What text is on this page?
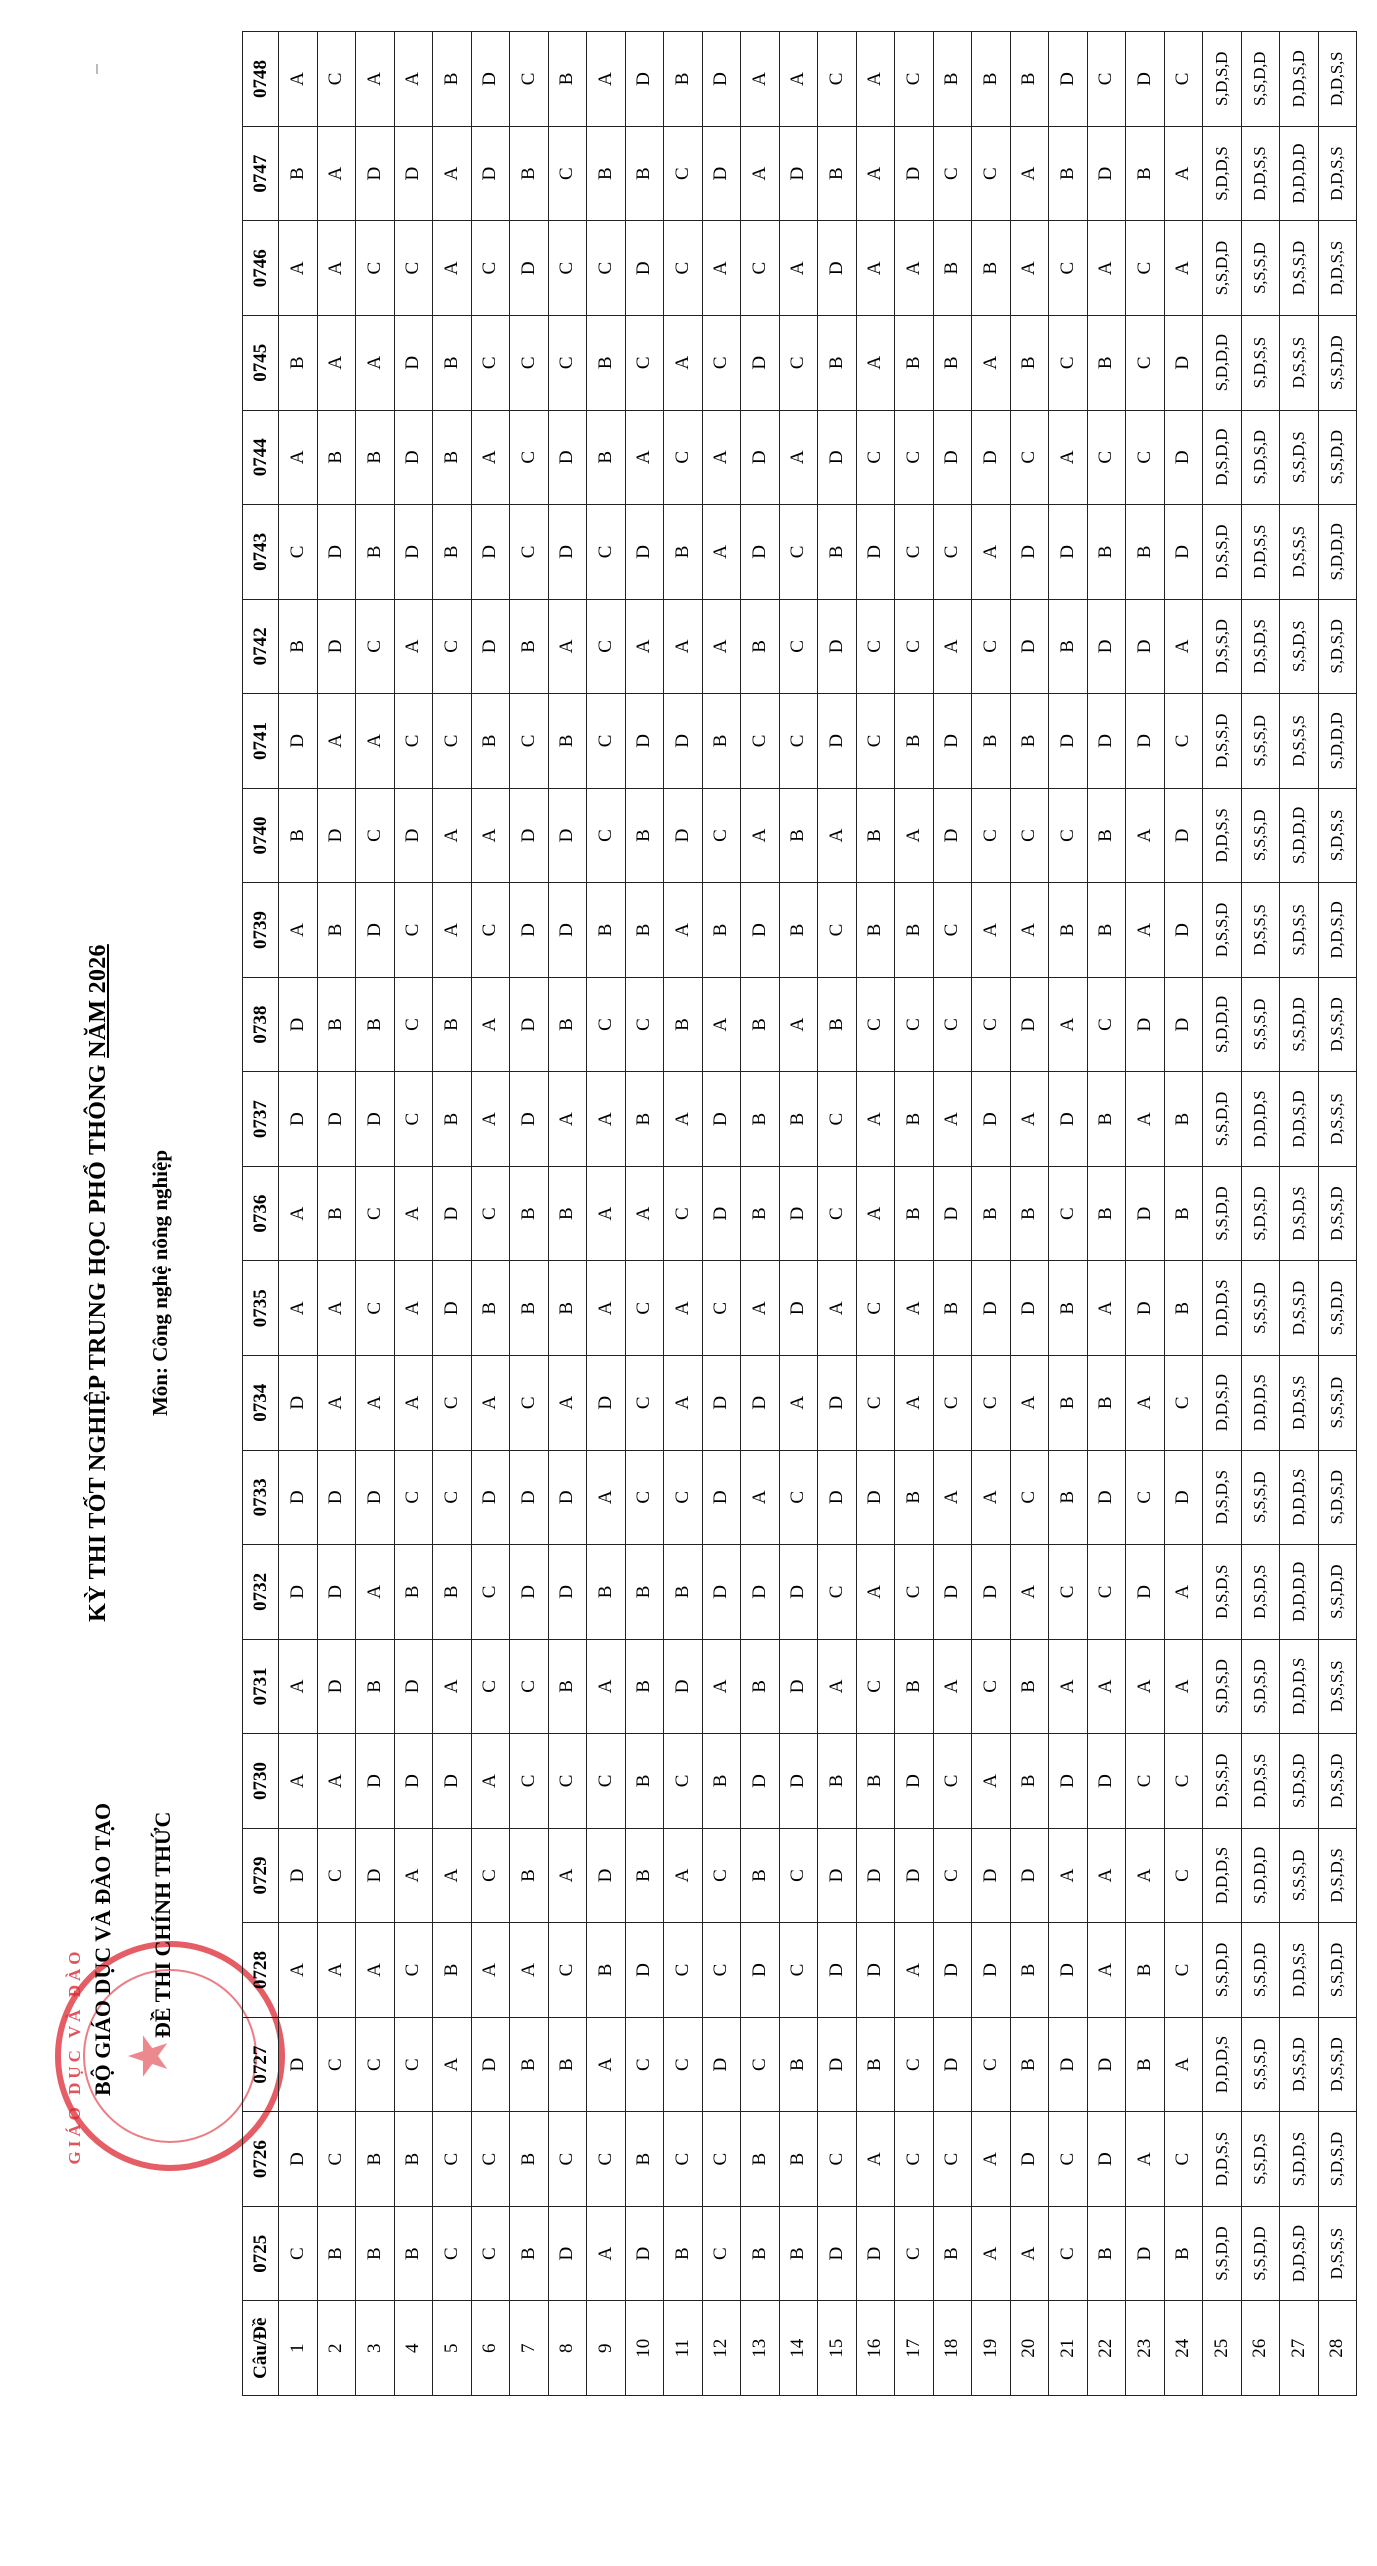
GIÁO DỤC VÀ ĐÀO ★
BỘ GIÁO DỤC VÀ ĐÀO TẠO ĐỀ THI CHÍNH THỨC
KỲ THI TỐT NGHIỆP TRUNG HỌC PHỔ THÔNG NĂM 2026
Môn: Công nghệ nông nghiệp
Câu/Đề	0725	0726	0727	0728	0729	0730	0731	0732	0733	0734	0735	0736	0737	0738	0739	0740	0741	0742	0743	0744	0745	0746	0747	0748
1	C	D	D	A	D	A	A	D	D	D	A	A	D	D	A	B	D	B	C	A	B	A	B	A
2	B	C	C	A	C	A	D	D	D	A	A	B	D	B	B	D	A	D	D	B	A	A	A	C
3	B	B	C	A	D	D	B	A	D	A	C	C	D	B	D	C	A	C	B	B	A	C	D	A
4	B	B	C	C	A	D	D	B	C	A	A	A	C	C	C	D	C	A	D	D	D	C	D	A
5	C	C	A	B	A	D	A	B	C	C	D	D	B	B	A	A	C	C	B	B	B	A	A	B
6	C	C	D	A	C	A	C	C	D	A	B	C	A	A	C	A	B	D	D	A	C	C	D	D
7	B	B	B	A	B	C	C	D	D	C	B	B	D	D	D	D	C	B	C	C	C	D	B	C
8	D	C	B	C	A	C	B	D	D	A	B	B	A	B	D	D	B	A	D	D	C	C	C	B
9	A	C	A	B	D	C	A	B	A	D	A	A	A	C	B	C	C	C	C	B	B	C	B	A
10	D	B	C	D	B	B	B	B	C	C	C	A	B	C	B	B	D	A	D	A	C	D	B	D
11	B	C	C	C	A	C	D	B	C	A	A	C	A	B	A	D	D	A	B	C	A	C	C	B
12	C	C	D	C	C	B	A	D	D	D	C	D	D	A	B	C	B	A	A	A	C	A	D	D
13	B	B	C	D	B	D	B	D	A	D	A	B	B	B	D	A	C	B	D	D	D	C	A	A
14	B	B	B	C	C	D	D	D	C	A	D	D	B	A	B	B	C	C	C	A	C	A	D	A
15	D	C	D	D	D	B	A	C	D	D	A	C	C	B	C	A	D	D	B	D	B	D	B	C
16	D	A	B	D	D	B	C	A	D	C	C	A	A	C	B	B	C	C	D	C	A	A	A	A
17	C	C	C	A	D	D	B	C	B	A	A	B	B	C	B	A	B	C	C	C	B	A	D	C
18	B	C	D	D	C	C	A	D	A	C	B	D	A	C	C	D	D	A	C	D	B	B	C	B
19	A	A	C	D	D	A	C	D	A	C	D	B	D	C	A	C	B	C	A	D	A	B	C	B
20	A	D	B	B	D	B	B	A	C	A	D	B	A	D	A	C	B	D	D	C	B	A	A	B
21	C	C	D	D	A	D	A	C	B	B	B	C	D	A	B	C	D	B	D	A	C	C	B	D
22	B	D	D	A	A	D	A	C	D	B	A	B	B	C	B	B	D	D	B	C	B	A	D	C
23	D	A	B	B	A	C	A	D	C	A	D	D	A	D	A	A	D	D	B	C	C	C	B	D
24	B	C	A	C	C	C	A	A	D	C	B	B	B	D	D	D	C	A	D	D	D	A	A	C
25	S,S,D,D	D,D,S,S	D,D,D,S	S,S,D,D	D,D,D,S	D,S,S,D	S,D,S,D	D,S,D,S	D,S,D,S	D,D,S,D	D,D,D,S	S,S,D,D	S,S,D,D	S,D,D,D	D,S,S,D	D,D,S,S	D,S,S,D	D,S,S,D	D,S,S,D	D,S,D,D	S,D,D,D	S,S,D,D	S,D,D,S	S,D,S,D
26	S,S,D,D	S,S,D,S	S,S,S,D	S,S,D,D	S,D,D,D	D,D,S,S	S,D,S,D	D,S,D,S	S,S,S,D	D,D,D,S	S,S,S,D	S,D,S,D	D,D,D,S	S,S,S,D	D,S,S,S	S,S,S,D	S,S,S,D	D,S,D,S	D,D,S,S	S,D,S,D	S,D,S,S	S,S,S,D	D,D,S,S	S,S,D,D
27	D,D,S,D	S,D,D,S	D,S,S,D	D,D,S,S	S,S,S,D	S,D,S,D	D,D,D,S	D,D,D,D	D,D,D,S	D,D,S,S	D,S,S,D	D,S,D,S	D,D,S,D	S,S,D,D	S,D,S,S	S,D,D,D	D,S,S,S	S,S,D,S	D,S,S,S	S,S,D,S	D,S,S,S	D,S,S,D	D,D,D,D	D,D,S,D
28	D,S,S,S	S,D,S,D	D,S,S,D	S,S,D,D	D,S,D,S	D,S,S,D	D,S,S,S	S,S,D,D	S,D,S,D	S,S,S,D	S,S,D,D	D,S,S,D	D,S,S,S	D,S,S,D	D,D,S,D	S,D,S,S	S,D,D,D	S,D,S,D	S,D,D,D	S,S,D,D	S,S,D,D	D,D,S,S	D,D,S,S	D,D,S,S
